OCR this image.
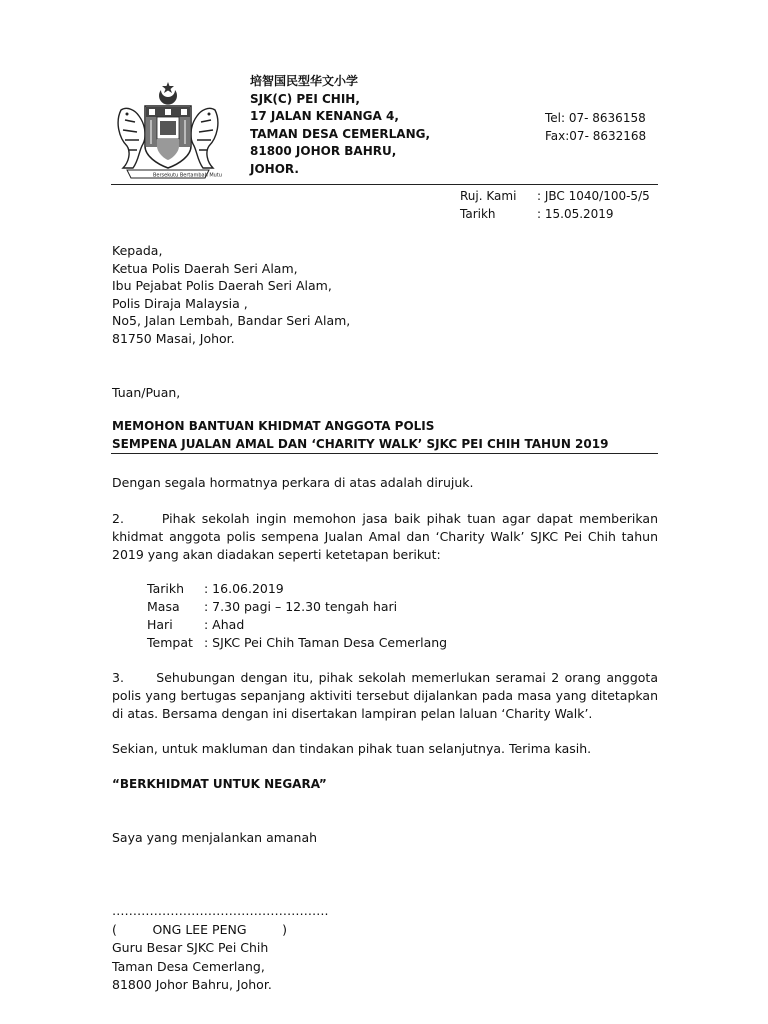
Bersekutu Bertambah Mutu
培智国民型华文小学
SJK(C) PEI CHIH,
17 JALAN KENANGA 4,
TAMAN DESA CEMERLANG,
81800 JOHOR BAHRU,
JOHOR.
Tel: 07- 8636158
Fax:07- 8632168
Ruj. Kami	: JBC 1040/100-5/5
Tarikh	: 15.05.2019
Kepada,
Ketua Polis Daerah Seri Alam,
Ibu Pejabat Polis Daerah Seri Alam,
Polis Diraja Malaysia ,
No5, Jalan Lembah, Bandar Seri Alam,
81750 Masai, Johor.
Tuan/Puan,
MEMOHON BANTUAN KHIDMAT ANGGOTA POLIS
SEMPENA JUALAN AMAL DAN ‘CHARITY WALK’ SJKC PEI CHIH TAHUN 2019
Dengan segala hormatnya perkara di atas adalah dirujuk.
2.      Pihak sekolah ingin memohon jasa baik pihak tuan agar dapat memberikan khidmat anggota polis sempena Jualan Amal dan ‘Charity Walk’ SJKC Pei Chih tahun 2019 yang akan diadakan seperti ketetapan berikut:
Tarikh	: 16.06.2019
Masa	: 7.30 pagi – 12.30 tengah hari
Hari	: Ahad
Tempat : SJKC Pei Chih Taman Desa Cemerlang
3.      Sehubungan dengan itu, pihak sekolah memerlukan seramai 2 orang anggota polis yang bertugas sepanjang aktiviti tersebut dijalankan pada masa yang ditetapkan di atas. Bersama dengan ini disertakan lampiran pelan laluan ‘Charity Walk’.
Sekian, untuk makluman dan tindakan pihak tuan selanjutnya. Terima kasih.
“BERKHIDMAT UNTUK NEGARA”
Saya yang menjalankan amanah
…………………………………………….
(	ONG LEE PENG	)
Guru Besar SJKC Pei Chih
Taman Desa Cemerlang,
81800 Johor Bahru, Johor.
